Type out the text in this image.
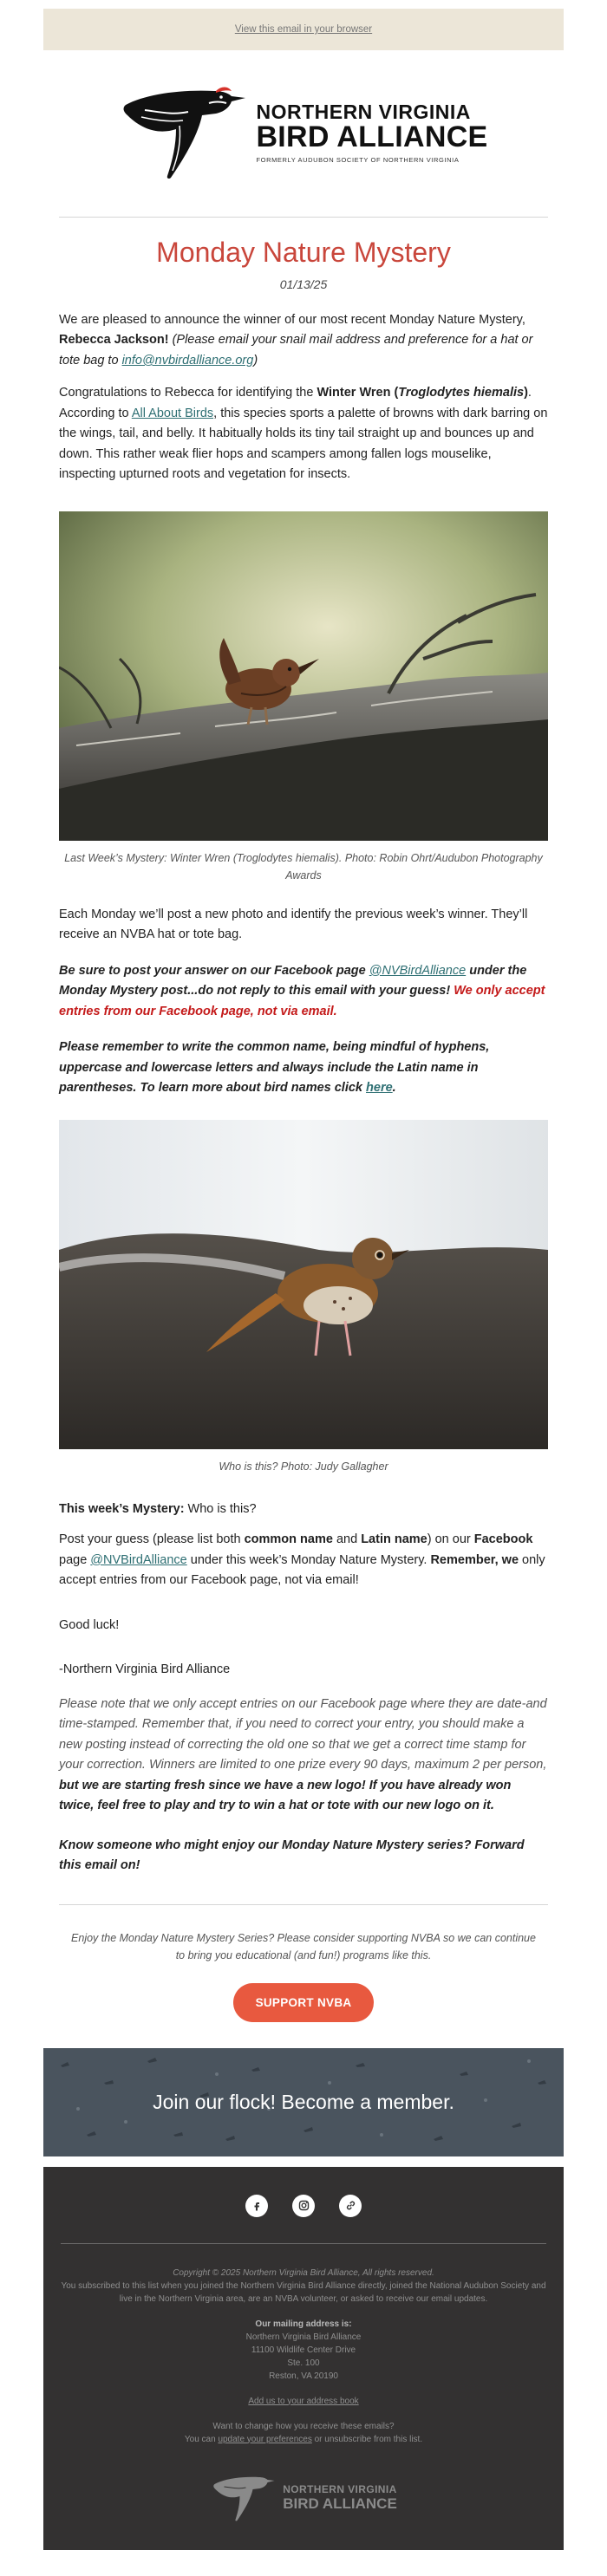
View this email in your browser
NORTHERN VIRGINIA
BIRD ALLIANCE
FORMERLY AUDUBON SOCIETY OF NORTHERN VIRGINIA
Monday Nature Mystery
01/13/25

We are pleased to announce the winner of our most recent Monday Nature Mystery, Rebecca Jackson! (Please email your snail mail address and preference for a hat or tote bag to info@nvbirdalliance.org)

Congratulations to Rebecca for identifying the Winter Wren (Troglodytes hiemalis). According to All About Birds, this species sports a palette of browns with dark barring on the wings, tail, and belly. It habitually holds its tiny tail straight up and bounces up and down. This rather weak flier hops and scampers among fallen logs mouselike, inspecting upturned roots and vegetation for insects.

Last Week’s Mystery: Winter Wren (Troglodytes hiemalis). Photo: Robin Ohrt/Audubon Photography Awards

Each Monday we’ll post a new photo and identify the previous week’s winner. They’ll receive an NVBA hat or tote bag.

Be sure to post your answer on our Facebook page @NVBirdAlliance under the Monday Mystery post...do not reply to this email with your guess! We only accept entries from our Facebook page, not via email.

Please remember to write the common name, being mindful of hyphens, uppercase and lowercase letters and always include the Latin name in parentheses. To learn more about bird names click here.

Who is this? Photo: Judy Gallagher

This week’s Mystery: Who is this?

Post your guess (please list both common name and Latin name) on our Facebook page @NVBirdAlliance under this week’s Monday Nature Mystery. Remember, we only accept entries from our Facebook page, not via email!

Good luck!

-Northern Virginia Bird Alliance

Please note that we only accept entries on our Facebook page where they are date-and time-stamped. Remember that, if you need to correct your entry, you should make a new posting instead of correcting the old one so that we get a correct time stamp for your correction. Winners are limited to one prize every 90 days, maximum 2 per person, but we are starting fresh since we have a new logo! If you have already won twice, feel free to play and try to win a hat or tote with our new logo on it.

Know someone who might enjoy our Monday Nature Mystery series? Forward this email on!

Enjoy the Monday Nature Mystery Series? Please consider supporting NVBA so we can continue to bring you educational (and fun!) programs like this.

SUPPORT NVBA
Join our flock! Become a member.
Copyright © 2025 Northern Virginia Bird Alliance, All rights reserved.
You subscribed to this list when you joined the Northern Virginia Bird Alliance directly, joined the National Audubon Society and live in the Northern Virginia area, are an NVBA volunteer, or asked to receive our email updates.
Our mailing address is:
Northern Virginia Bird Alliance
11100 Wildlife Center Drive
Ste. 100
Reston, VA 20190
Add us to your address book
Want to change how you receive these emails?
You can update your preferences or unsubscribe from this list.
NORTHERN VIRGINIA
BIRD ALLIANCE
